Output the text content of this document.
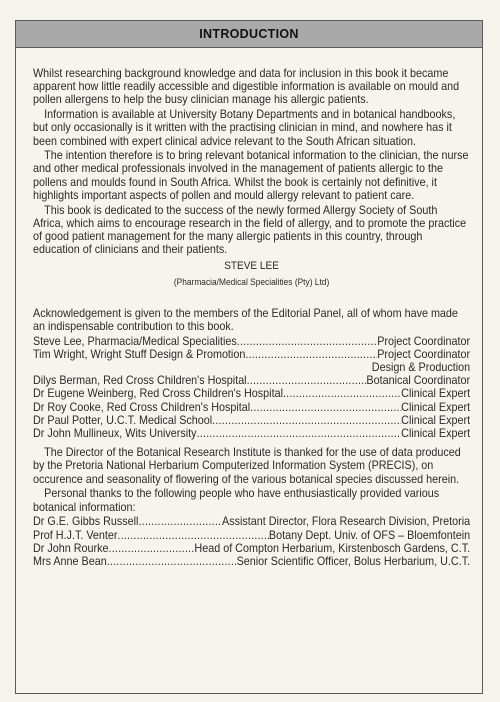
INTRODUCTION

Whilst researching background knowledge and data for inclusion in this book it became apparent how little readily accessible and digestible information is available on mould and pollen allergens to help the busy clinician manage his allergic patients.

Information is available at University Botany Departments and in botanical handbooks, but only occasionally is it written with the practising clinician in mind, and nowhere has it been combined with expert clinical advice relevant to the South African situation.

The intention therefore is to bring relevant botanical information to the clinician, the nurse and other medical professionals involved in the management of patients allergic to the pollens and moulds found in South Africa. Whilst the book is certainly not definitive, it highlights important aspects of pollen and mould allergy relevant to patient care.

This book is dedicated to the success of the newly formed Allergy Society of South Africa, which aims to encourage research in the field of allergy, and to promote the practice of good patient management for the many allergic patients in this country, through education of clinicians and their patients.

STEVE LEE
(Pharmacia/Medical Specialities (Pty) Ltd)

Acknowledgement is given to the members of the Editorial Panel, all of whom have made an indispensable contribution to this book.

Steve Lee, Pharmacia/Medical Specialities .....	Project Coordinator
Tim Wright, Wright Stuff Design & Promotion .....	Project Coordinator
Design & Production
Dilys Berman, Red Cross Children's Hospital .....	Botanical Coordinator
Dr Eugene Weinberg, Red Cross Children's Hospital .....	Clinical Expert
Dr Roy Cooke, Red Cross Children's Hospital .....	Clinical Expert
Dr Paul Potter, U.C.T. Medical School .....	Clinical Expert
Dr John Mullineux, Wits University .....	Clinical Expert

The Director of the Botanical Research Institute is thanked for the use of data produced by the Pretoria National Herbarium Computerized Information System (PRECIS), on occurence and seasonality of flowering of the various botanical species discussed herein.

Personal thanks to the following people who have enthusiastically provided various botanical information:

Dr G.E. Gibbs Russell .....	Assistant Director, Flora Research Division, Pretoria
Prof H.J.T. Venter .....	Botany Dept. Univ. of OFS – Bloemfontein
Dr John Rourke .....	Head of Compton Herbarium, Kirstenbosch Gardens, C.T.
Mrs Anne Bean .....	Senior Scientific Officer, Bolus Herbarium, U.C.T.
